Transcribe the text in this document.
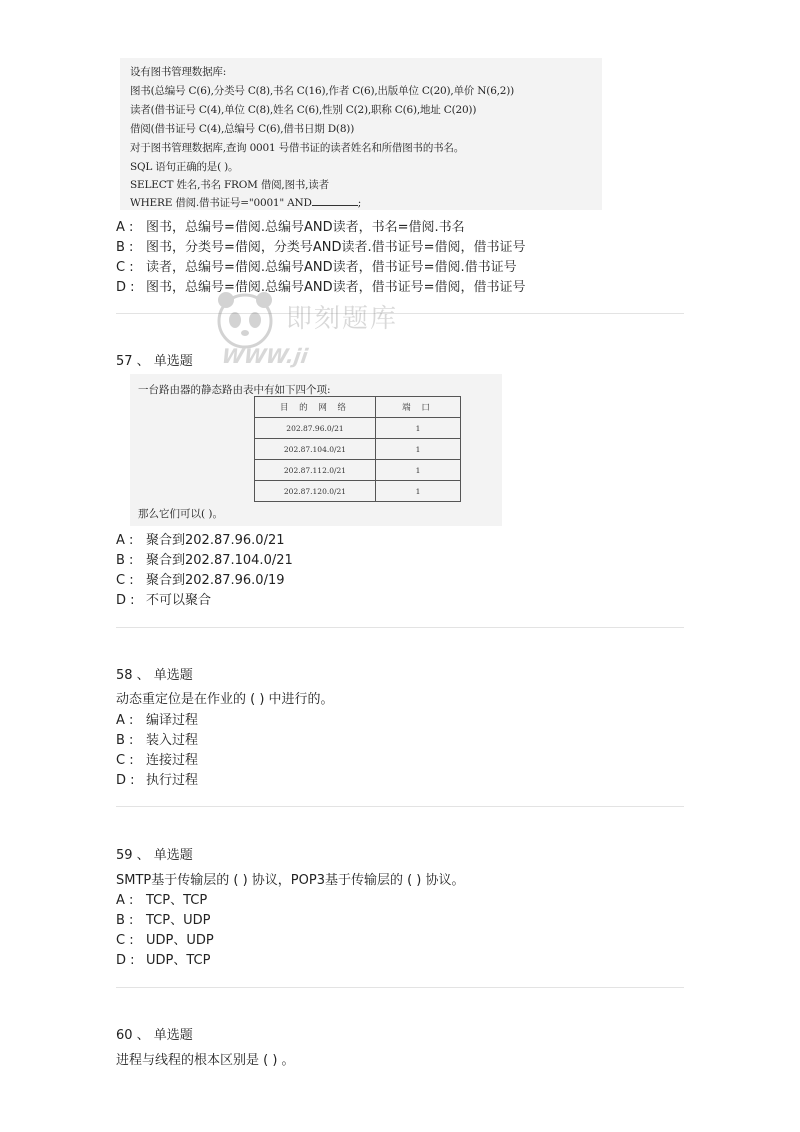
设有图书管理数据库:
图书(总编号 C(6),分类号 C(8),书名 C(16),作者 C(6),出版单位 C(20),单价 N(6,2))
读者(借书证号 C(4),单位 C(8),姓名 C(6),性别 C(2),职称 C(6),地址 C(20))
借阅(借书证号 C(4),总编号 C(6),借书日期 D(8))
对于图书管理数据库,查询 0001 号借书证的读者姓名和所借图书的书名。
SQL 语句正确的是( )。
SELECT 姓名,书名 FROM 借阅,图书,读者
WHERE 借阅.借书证号="0001" AND	;
A : 图书，总编号=借阅.总编号AND读者，书名=借阅.书名
B : 图书，分类号=借阅，分类号AND读者.借书证号=借阅，借书证号
C : 读者，总编号=借阅.总编号AND读者，借书证号=借阅.借书证号
D : 图书，总编号=借阅.总编号AND读者，借书证号=借阅，借书证号
即刻题库
WWW.ji
57 、 单选题
一台路由器的静态路由表中有如下四个项:
目 的 网 络	端 口
202.87.96.0/21	1
202.87.104.0/21	1
202.87.112.0/21	1
202.87.120.0/21	1
那么它们可以( )。
A : 聚合到202.87.96.0/21
B : 聚合到202.87.104.0/21
C : 聚合到202.87.96.0/19
D : 不可以聚合
58 、 单选题
动态重定位是在作业的 ( ) 中进行的。
A : 编译过程
B : 装入过程
C : 连接过程
D : 执行过程
59 、 单选题
SMTP基于传输层的 ( ) 协议，POP3基于传输层的 ( ) 协议。
A : TCP、TCP
B : TCP、UDP
C : UDP、UDP
D : UDP、TCP
60 、 单选题
进程与线程的根本区别是 ( ) 。
